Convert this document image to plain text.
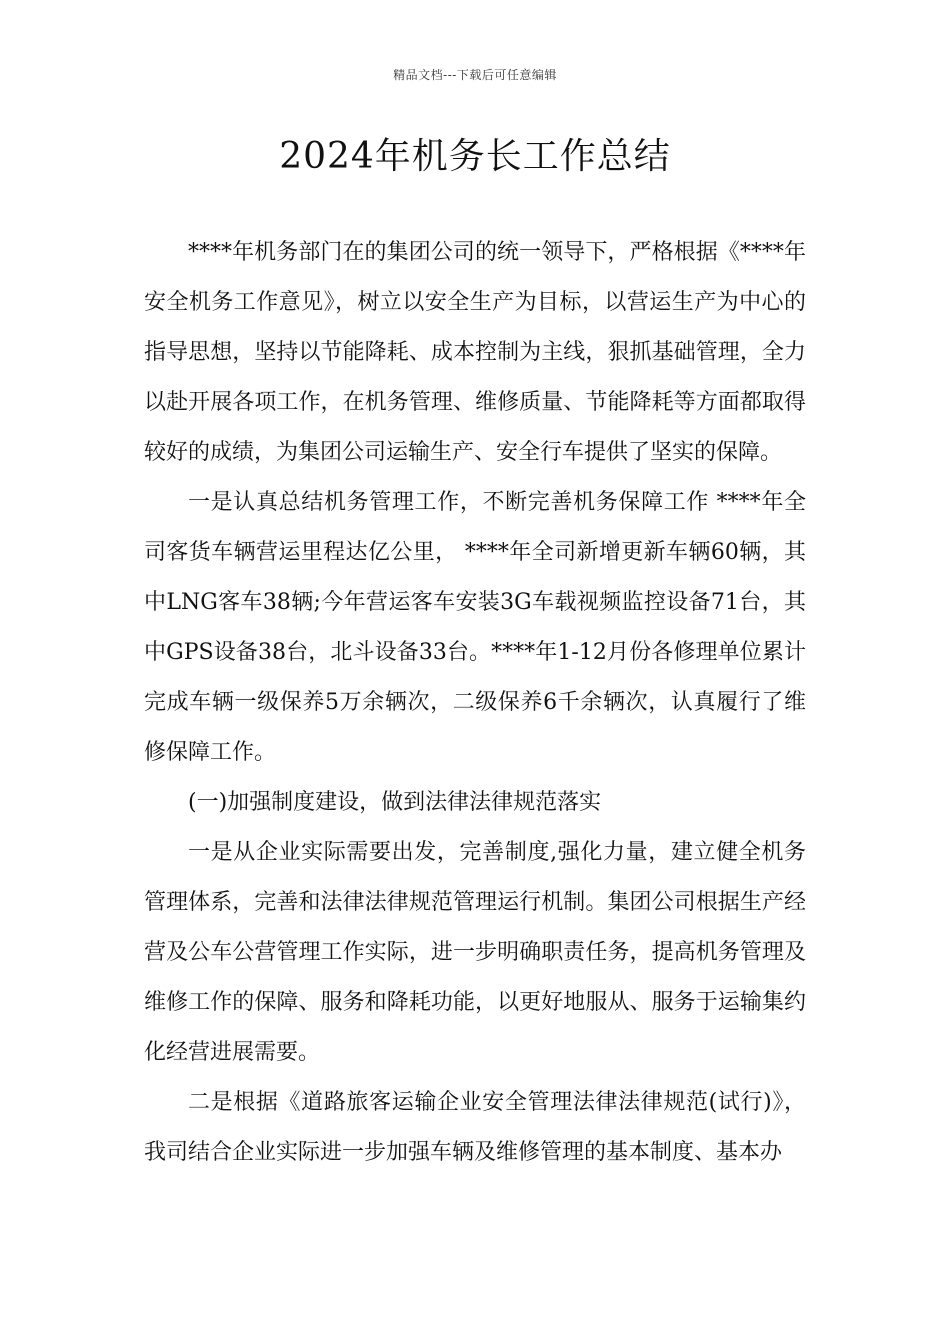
精品文档---下载后可任意编辑
2024年机务长工作总结

****年机务部门在的集团公司的统一领导下，严格根据《****年安全机务工作意见》，树立以安全生产为目标，以营运生产为中心的指导思想，坚持以节能降耗、成本控制为主线，狠抓基础管理，全力以赴开展各项工作，在机务管理、维修质量、节能降耗等方面都取得较好的成绩，为集团公司运输生产、安全行车提供了坚实的保障。

一是认真总结机务管理工作，不断完善机务保障工作 ****年全司客货车辆营运里程达亿公里， ****年全司新增更新车辆60辆，其中LNG客车38辆;今年营运客车安装3G车载视频监控设备71台，其中GPS设备38台，北斗设备33台。****年1-12月份各修理单位累计完成车辆一级保养5万余辆次，二级保养6千余辆次，认真履行了维修保障工作。

(一)加强制度建设，做到法律法律规范落实

一是从企业实际需要出发，完善制度,强化力量，建立健全机务管理体系，完善和法律法律规范管理运行机制。集团公司根据生产经营及公车公营管理工作实际，进一步明确职责任务，提高机务管理及维修工作的保障、服务和降耗功能，以更好地服从、服务于运输集约化经营进展需要。

二是根据《道路旅客运输企业安全管理法律法律规范(试行)》，我司结合企业实际进一步加强车辆及维修管理的基本制度、基本办
